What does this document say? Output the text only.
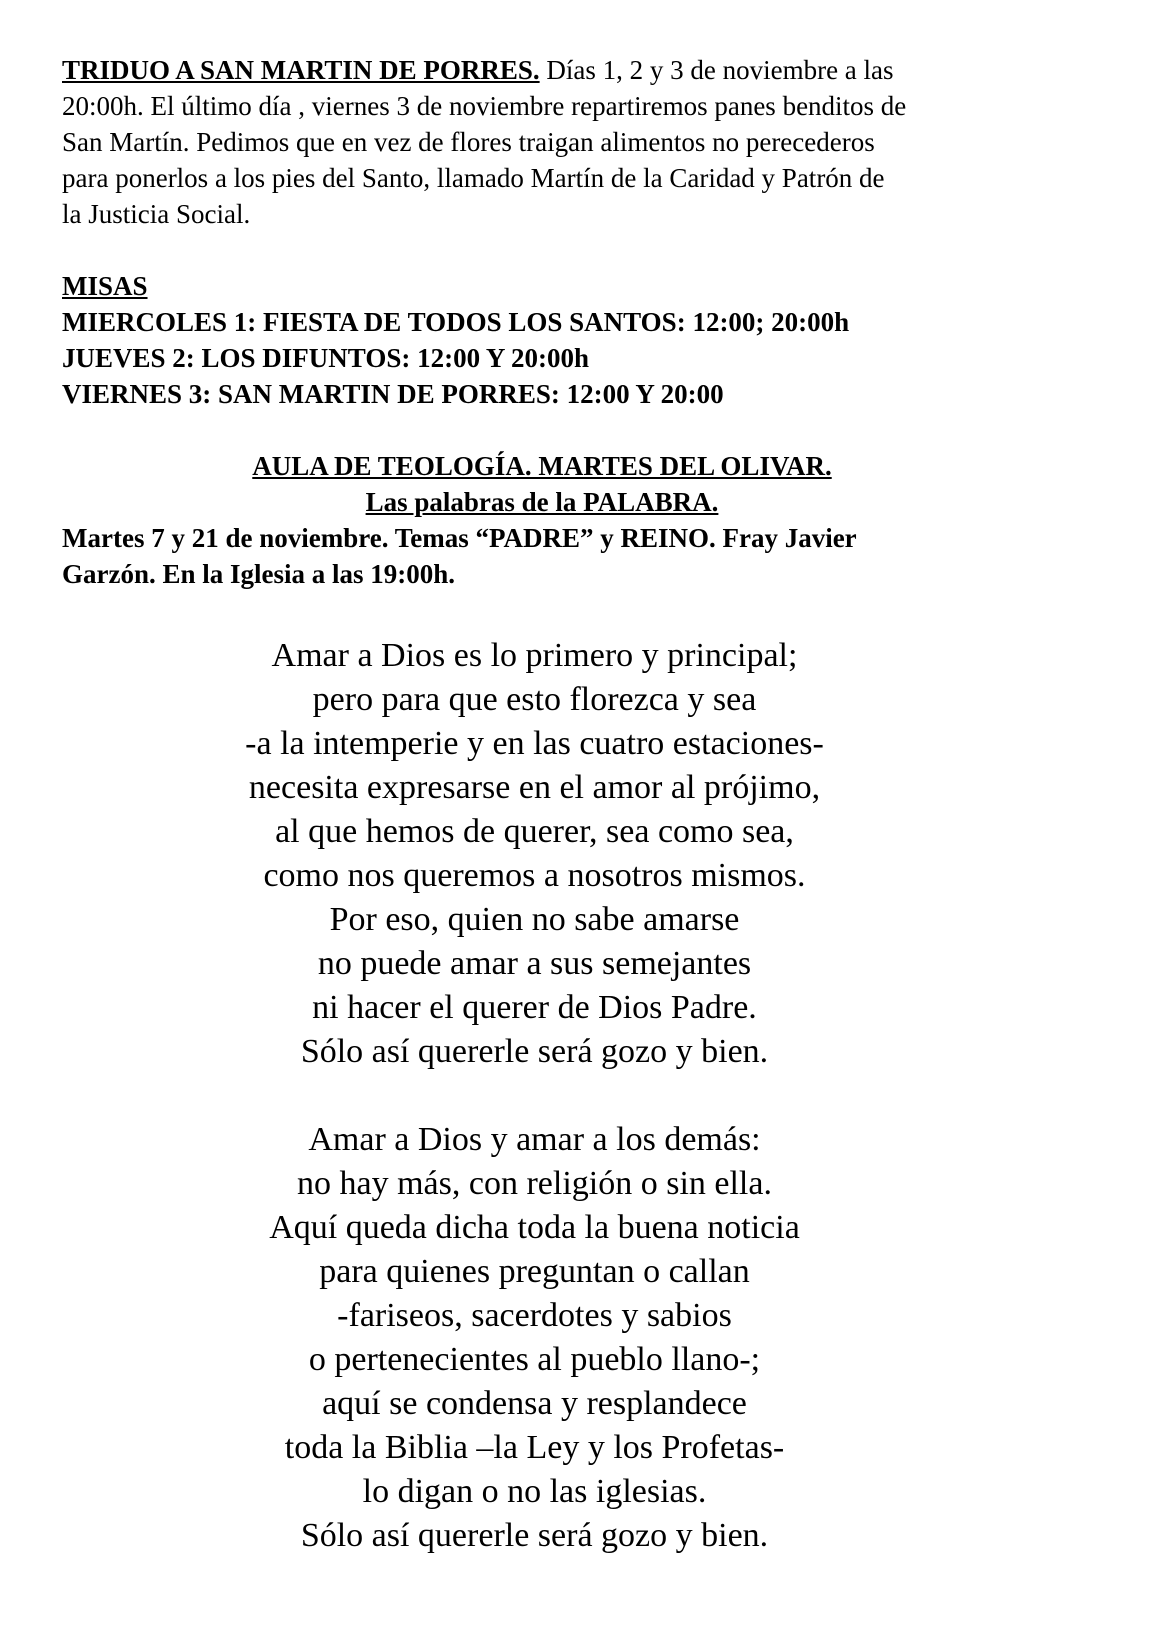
TRIDUO A SAN MARTIN DE PORRES. Días 1, 2 y 3 de noviembre a las
20:00h. El último día , viernes 3 de noviembre repartiremos panes benditos de
San Martín. Pedimos que en vez de flores traigan alimentos no perecederos
para ponerlos a los pies del Santo, llamado Martín de la Caridad y Patrón de
la Justicia Social.

MISAS
MIERCOLES 1: FIESTA DE TODOS LOS SANTOS: 12:00; 20:00h
JUEVES 2: LOS DIFUNTOS: 12:00 Y 20:00h
VIERNES 3: SAN MARTIN DE PORRES: 12:00 Y 20:00
AULA DE TEOLOGÍA. MARTES DEL OLIVAR.
Las palabras de la PALABRA.

Martes 7 y 21 de noviembre. Temas “PADRE” y REINO. Fray Javier
Garzón. En la Iglesia a las 19:00h.

Amar a Dios es lo primero y principal;
pero para que esto florezca y sea
-a la intemperie y en las cuatro estaciones-
necesita expresarse en el amor al prójimo,
al que hemos de querer, sea como sea,
como nos queremos a nosotros mismos.
Por eso, quien no sabe amarse
no puede amar a sus semejantes
ni hacer el querer de Dios Padre.
Sólo así quererle será gozo y bien.
Amar a Dios y amar a los demás:
no hay más, con religión o sin ella.
Aquí queda dicha toda la buena noticia
para quienes preguntan o callan
-fariseos, sacerdotes y sabios
o pertenecientes al pueblo llano-;
aquí se condensa y resplandece
toda la Biblia –la Ley y los Profetas-
lo digan o no las iglesias.
Sólo así quererle será gozo y bien.
